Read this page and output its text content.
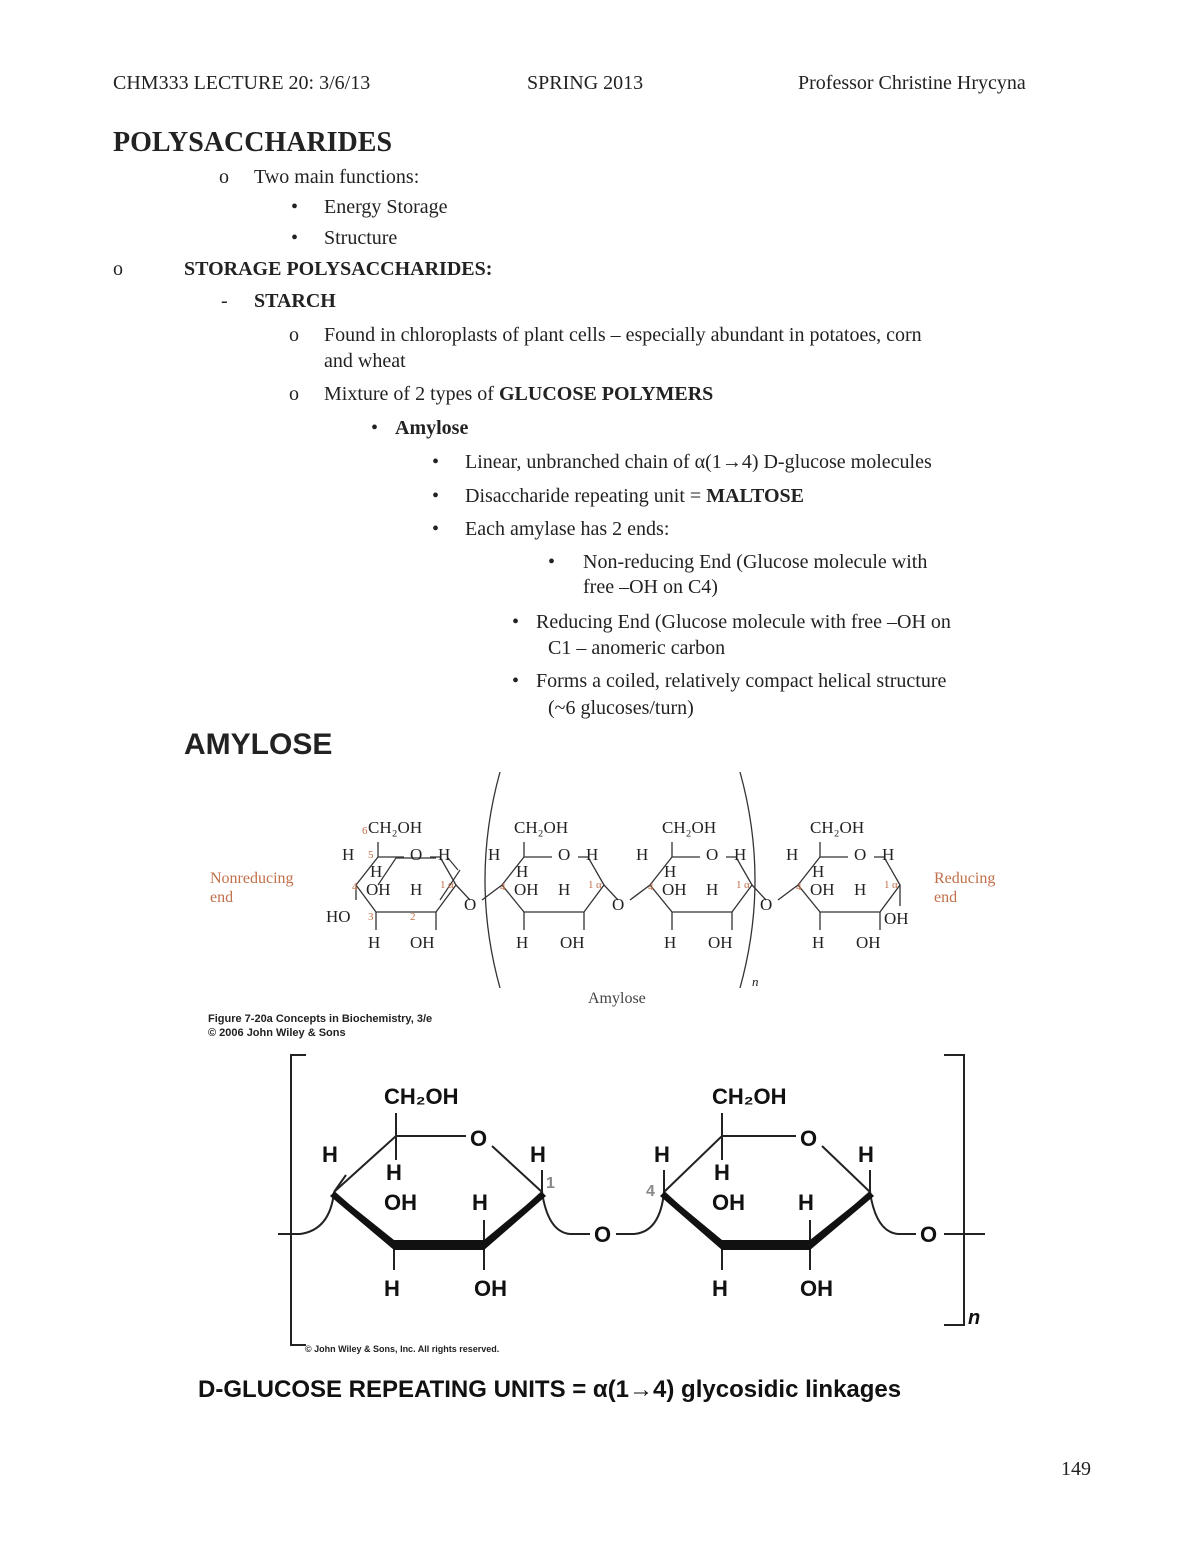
CHM333 LECTURE 20: 3/6/13	SPRING 2013	Professor Christine Hrycyna
POLYSACCHARIDES
o Two main functions:
• Energy Storage
• Structure
o	STORAGE POLYSACCHARIDES:
- STARCH
o Found in chloroplasts of plant cells – especially abundant in potatoes, corn
and wheat
o Mixture of 2 types of GLUCOSE POLYMERS
• Amylose
• Linear, unbranched chain of α(1→4) D-glucose molecules
• Disaccharide repeating unit = MALTOSE
• Each amylase has 2 ends:
• Non-reducing End (Glucose molecule with
free –OH on C4)
• Reducing End (Glucose molecule with free –OH on
C1 – anomeric carbon
• Forms a coiled, relatively compact helical structure
(~6 glucoses/turn)
AMYLOSE
CH₂OH
H	O H
H
OH H
HO
H OH
O
CH₂OH
H	O H
H
OH H
H OH
O
CH₂OH
H	O H
H
OH H
H OH
O
CH₂OH
H	O H
H
OH H
H OH
OH
6
5
4
3	2
1 α	4	1 α	4	1 α	4	1 α
Nonreducing
end
Reducing
end
n
Amylose
Figure 7-20a Concepts in Biochemistry, 3/e
© 2006 John Wiley & Sons
CH₂OH
O
H
H
H
OH	H
H	OH
O
CH₂OH
O
H
H
H
OH H
H	OH
O
1	4
n
© John Wiley & Sons, Inc. All rights reserved.
D-GLUCOSE REPEATING UNITS = α(1→4) glycosidic linkages
149
